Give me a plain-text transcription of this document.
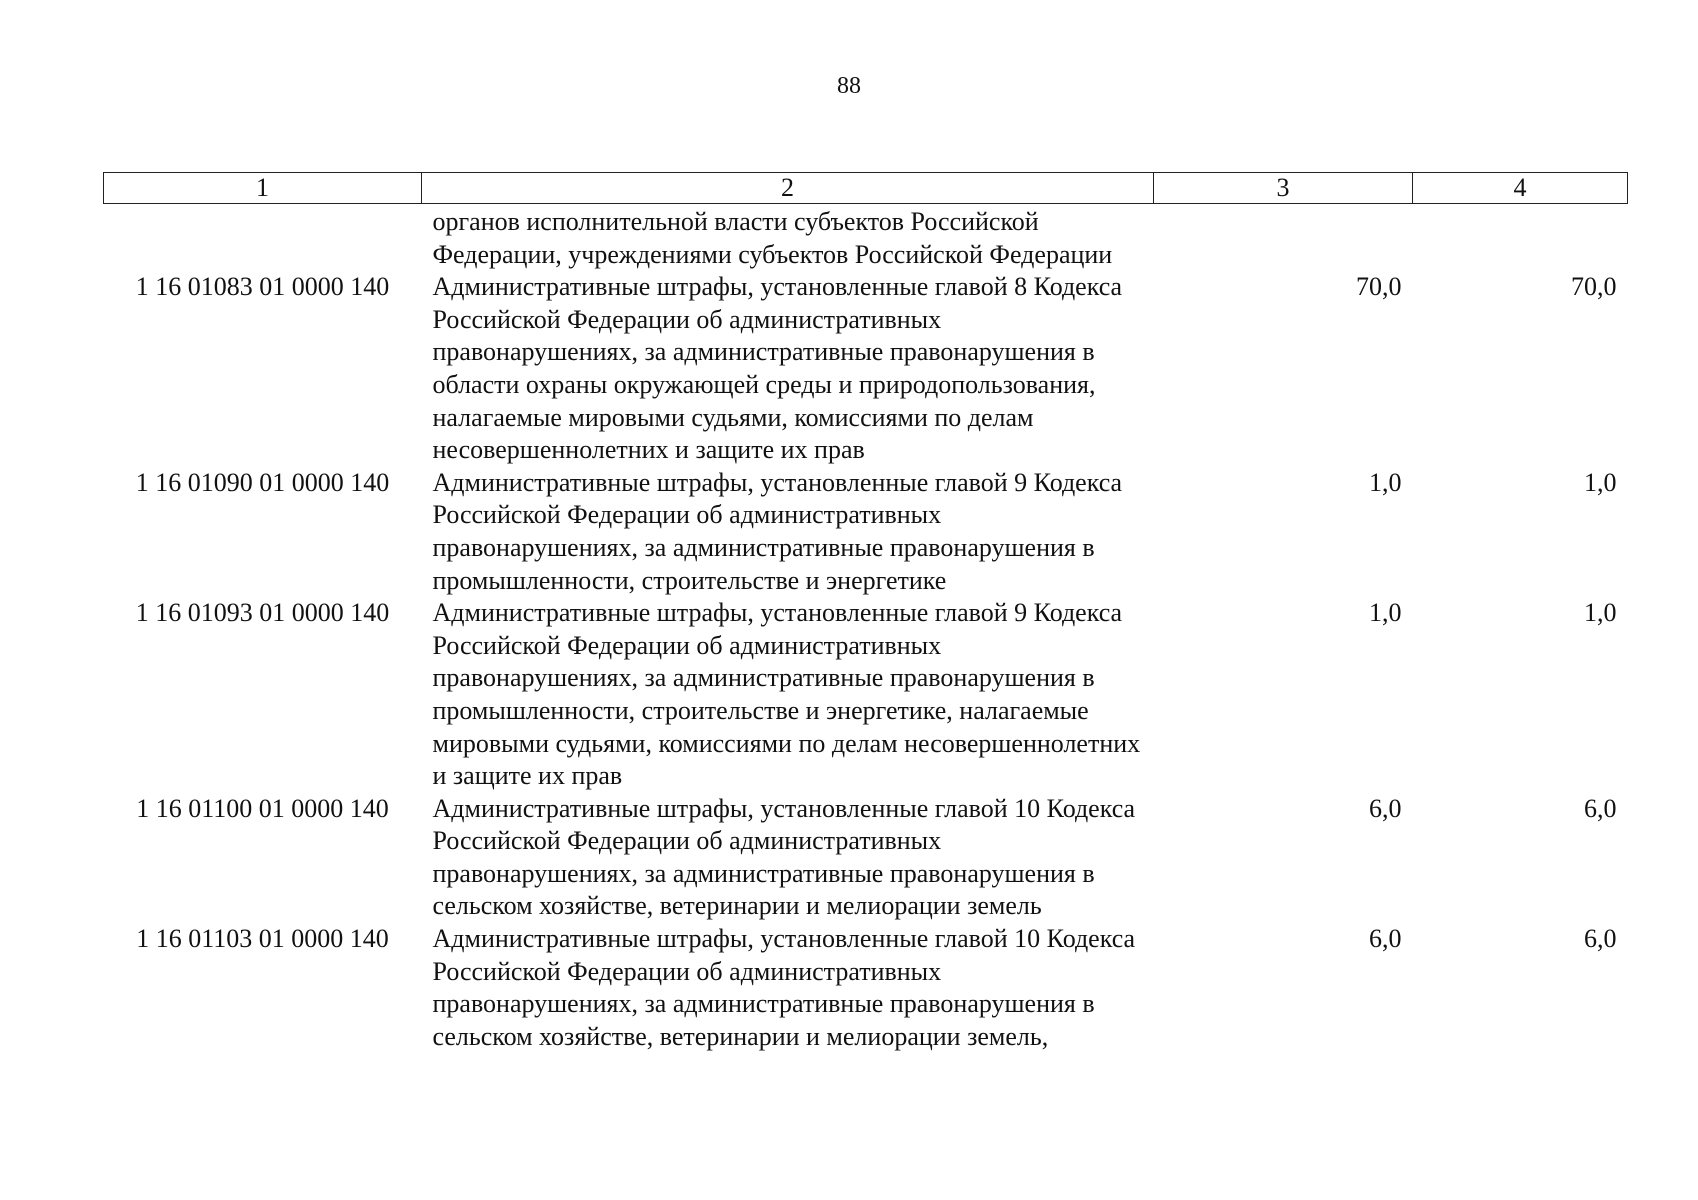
88
1	2	3	4
	органов исполнительной власти субъектов Российской Федерации, учреждениями субъектов Российской Федерации		
1 16 01083 01 0000 140	Административные штрафы, установленные главой 8 Кодекса Российской Федерации об административных правонарушениях, за административные правонарушения в области охраны окружающей среды и природопользования, налагаемые мировыми судьями, комиссиями по делам несовершеннолетних и защите их прав	70,0	70,0
1 16 01090 01 0000 140	Административные штрафы, установленные главой 9 Кодекса Российской Федерации об административных правонарушениях, за административные правонарушения в промышленности, строительстве и энергетике	1,0	1,0
1 16 01093 01 0000 140	Административные штрафы, установленные главой 9 Кодекса Российской Федерации об административных правонарушениях, за административные правонарушения в промышленности, строительстве и энергетике, налагаемые мировыми судьями, комиссиями по делам несовершеннолетних и защите их прав	1,0	1,0
1 16 01100 01 0000 140	Административные штрафы, установленные главой 10 Кодекса Российской Федерации об административных правонарушениях, за административные правонарушения в сельском хозяйстве, ветеринарии и мелиорации земель	6,0	6,0
1 16 01103 01 0000 140	Административные штрафы, установленные главой 10 Кодекса Российской Федерации об административных правонарушениях, за административные правонарушения в сельском хозяйстве, ветеринарии и мелиорации земель,	6,0	6,0
